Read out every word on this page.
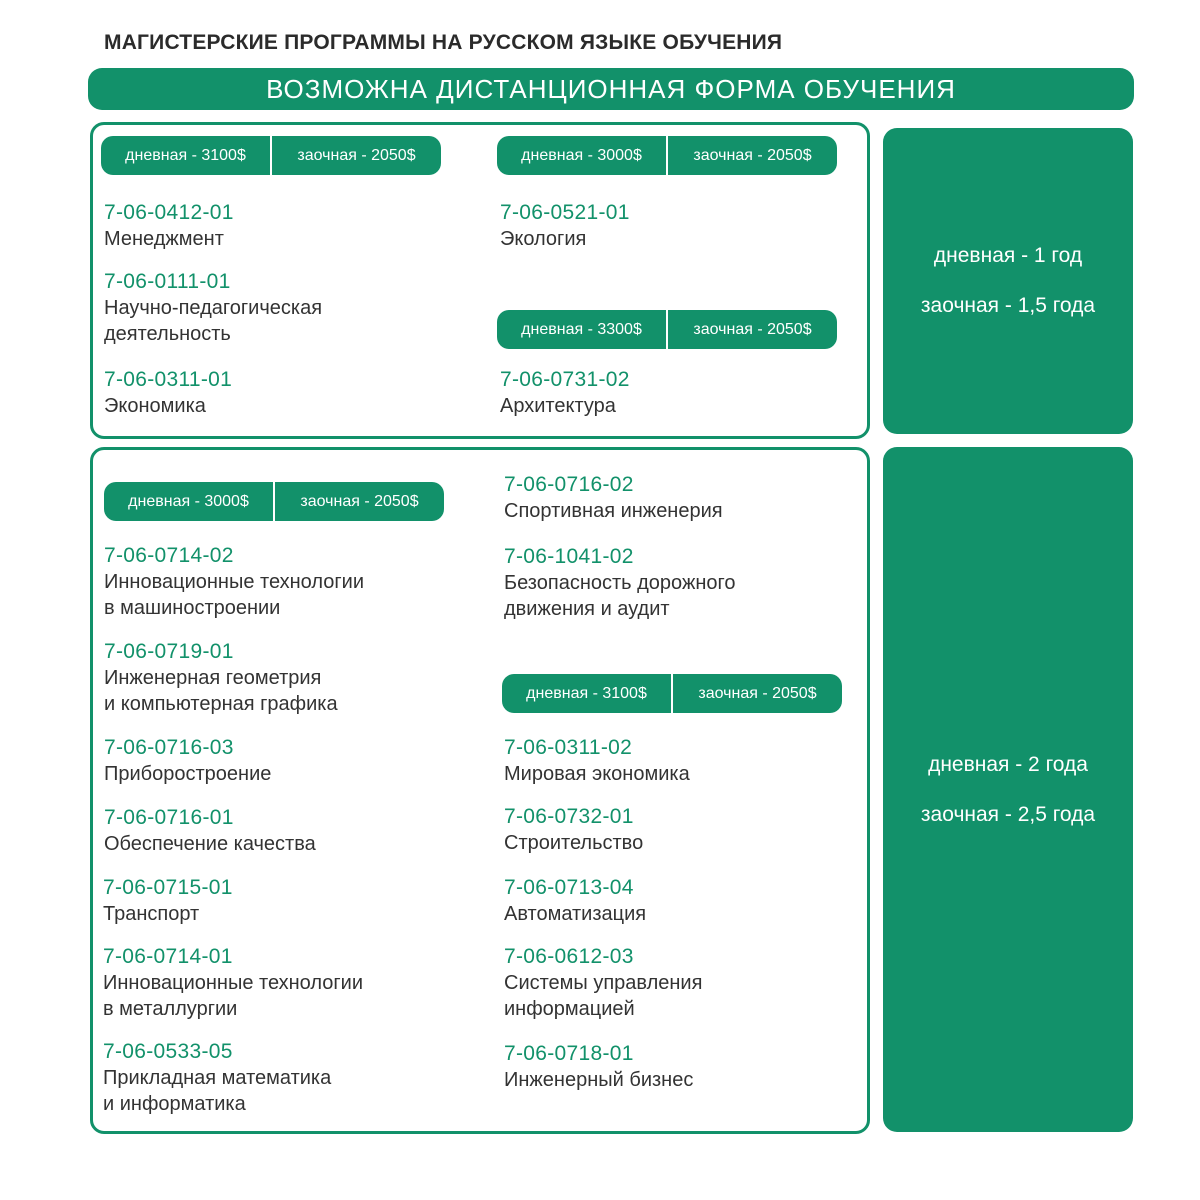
МАГИСТЕРСКИЕ ПРОГРАММЫ НА РУССКОМ ЯЗЫКЕ ОБУЧЕНИЯ
ВОЗМОЖНА ДИСТАНЦИОННАЯ ФОРМА ОБУЧЕНИЯ
дневная - 3100$	заочная - 2050$	дневная - 3000$	заочная - 2050$
дневная - 3300$	заочная - 2050$
7-06-0412-01
Менеджмент
7-06-0111-01
Научно-педагогическая
деятельность
7-06-0311-01
Экономика
7-06-0521-01
Экология
7-06-0731-02
Архитектура
дневная - 1 год
заочная - 1,5 года
дневная - 3000$	заочная - 2050$
дневная - 3100$	заочная - 2050$
7-06-0714-02
Инновационные технологии
в машиностроении
7-06-0719-01
Инженерная геометрия
и компьютерная графика
7-06-0716-03
Приборостроение
7-06-0716-01
Обеспечение качества
7-06-0715-01
Транспорт
7-06-0714-01
Инновационные технологии
в металлургии
7-06-0533-05
Прикладная математика
и информатика
7-06-0716-02
Спортивная инженерия
7-06-1041-02
Безопасность дорожного
движения и аудит
7-06-0311-02
Мировая экономика
7-06-0732-01
Строительство
7-06-0713-04
Автоматизация
7-06-0612-03
Системы управления
информацией
7-06-0718-01
Инженерный бизнес
дневная - 2 года
заочная - 2,5 года
